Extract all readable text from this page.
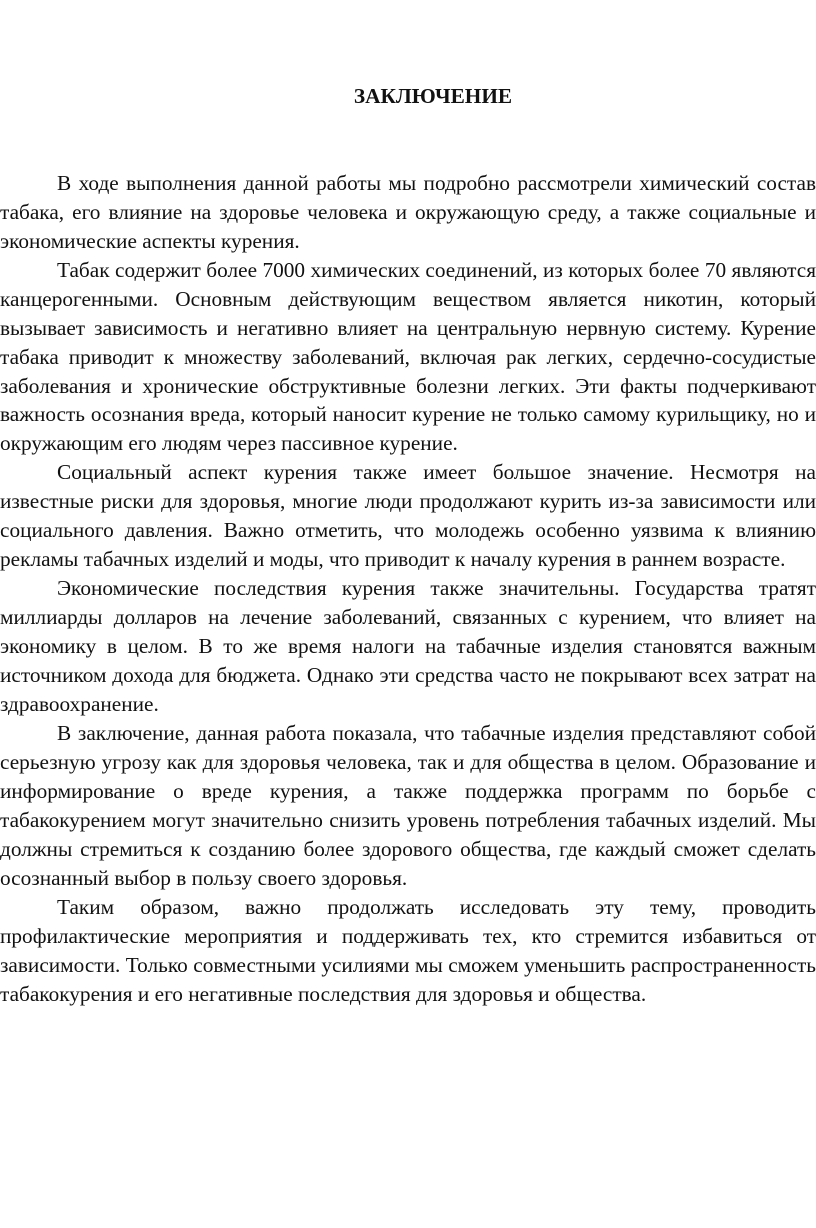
ЗАКЛЮЧЕНИЕ

В ходе выполнения данной работы мы подробно рассмотрели химический состав табака, его влияние на здоровье человека и окружающую среду, а также социальные и экономические аспекты курения.

Табак содержит более 7000 химических соединений, из которых более 70 являются канцерогенными. Основным действующим веществом является никотин, который вызывает зависимость и негативно влияет на центральную нервную систему. Курение табака приводит к множеству заболеваний, включая рак легких, сердечно-сосудистые заболевания и хронические обструктивные болезни легких. Эти факты подчеркивают важность осознания вреда, который наносит курение не только самому курильщику, но и окружающим его людям через пассивное курение.

Социальный аспект курения также имеет большое значение. Несмотря на известные риски для здоровья, многие люди продолжают курить из-за зависимости или социального давления. Важно отметить, что молодежь особенно уязвима к влиянию рекламы табачных изделий и моды, что приводит к началу курения в раннем возрасте.

Экономические последствия курения также значительны. Государства тратят миллиарды долларов на лечение заболеваний, связанных с курением, что влияет на экономику в целом. В то же время налоги на табачные изделия становятся важным источником дохода для бюджета. Однако эти средства часто не покрывают всех затрат на здравоохранение.

В заключение, данная работа показала, что табачные изделия представляют собой серьезную угрозу как для здоровья человека, так и для общества в целом. Образование и информирование о вреде курения, а также поддержка программ по борьбе с табакокурением могут значительно снизить уровень потребления табачных изделий. Мы должны стремиться к созданию более здорового общества, где каждый сможет сделать осознанный выбор в пользу своего здоровья.

Таким образом, важно продолжать исследовать эту тему, проводить профилактические мероприятия и поддерживать тех, кто стремится избавиться от зависимости. Только совместными усилиями мы сможем уменьшить распространенность табакокурения и его негативные последствия для здоровья и общества.
